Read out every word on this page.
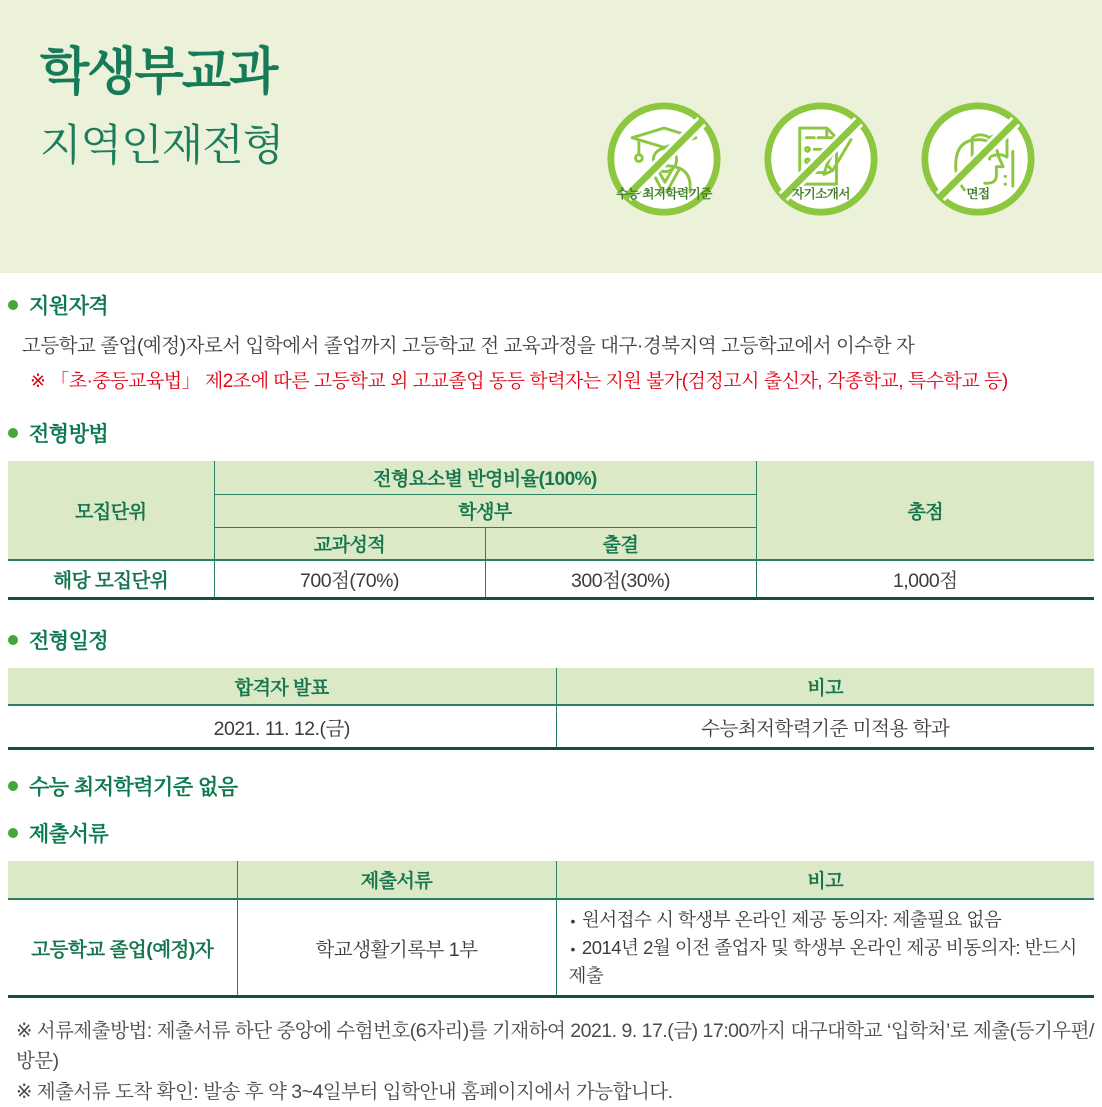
학생부교과
지역인재전형
수능 최저학력기준	자기소개서	면접
지원자격
고등학교 졸업(예정)자로서 입학에서 졸업까지 고등학교 전 교육과정을 대구·경북지역 고등학교에서 이수한 자
※ 「초·중등교육법」 제2조에 따른 고등학교 외 고교졸업 동등 학력자는 지원 불가(검정고시 출신자, 각종학교, 특수학교 등)
전형방법
모집단위	전형요소별 반영비율(100%)		총점
	학생부		
	교과성적	출결	
해당 모집단위	700점(70%)	300점(30%)	1,000점
전형일정
합격자 발표	비고
2021. 11. 12.(금)	수능최저학력기준 미적용 학과
수능 최저학력기준 없음
제출서류
	제출서류	비고
고등학교 졸업(예정)자	학교생활기록부 1부	• 원서접수 시 학생부 온라인 제공 동의자: 제출필요 없음
• 2014년 2월 이전 졸업자 및 학생부 온라인 제공 비동의자: 반드시 제출
※ 서류제출방법: 제출서류 하단 중앙에 수험번호(6자리)를 기재하여 2021. 9. 17.(금) 17:00까지 대구대학교 ‘입학처’로 제출(등기우편/방문)
※ 제출서류 도착 확인: 발송 후 약 3~4일부터 입학안내 홈페이지에서 가능합니다.
